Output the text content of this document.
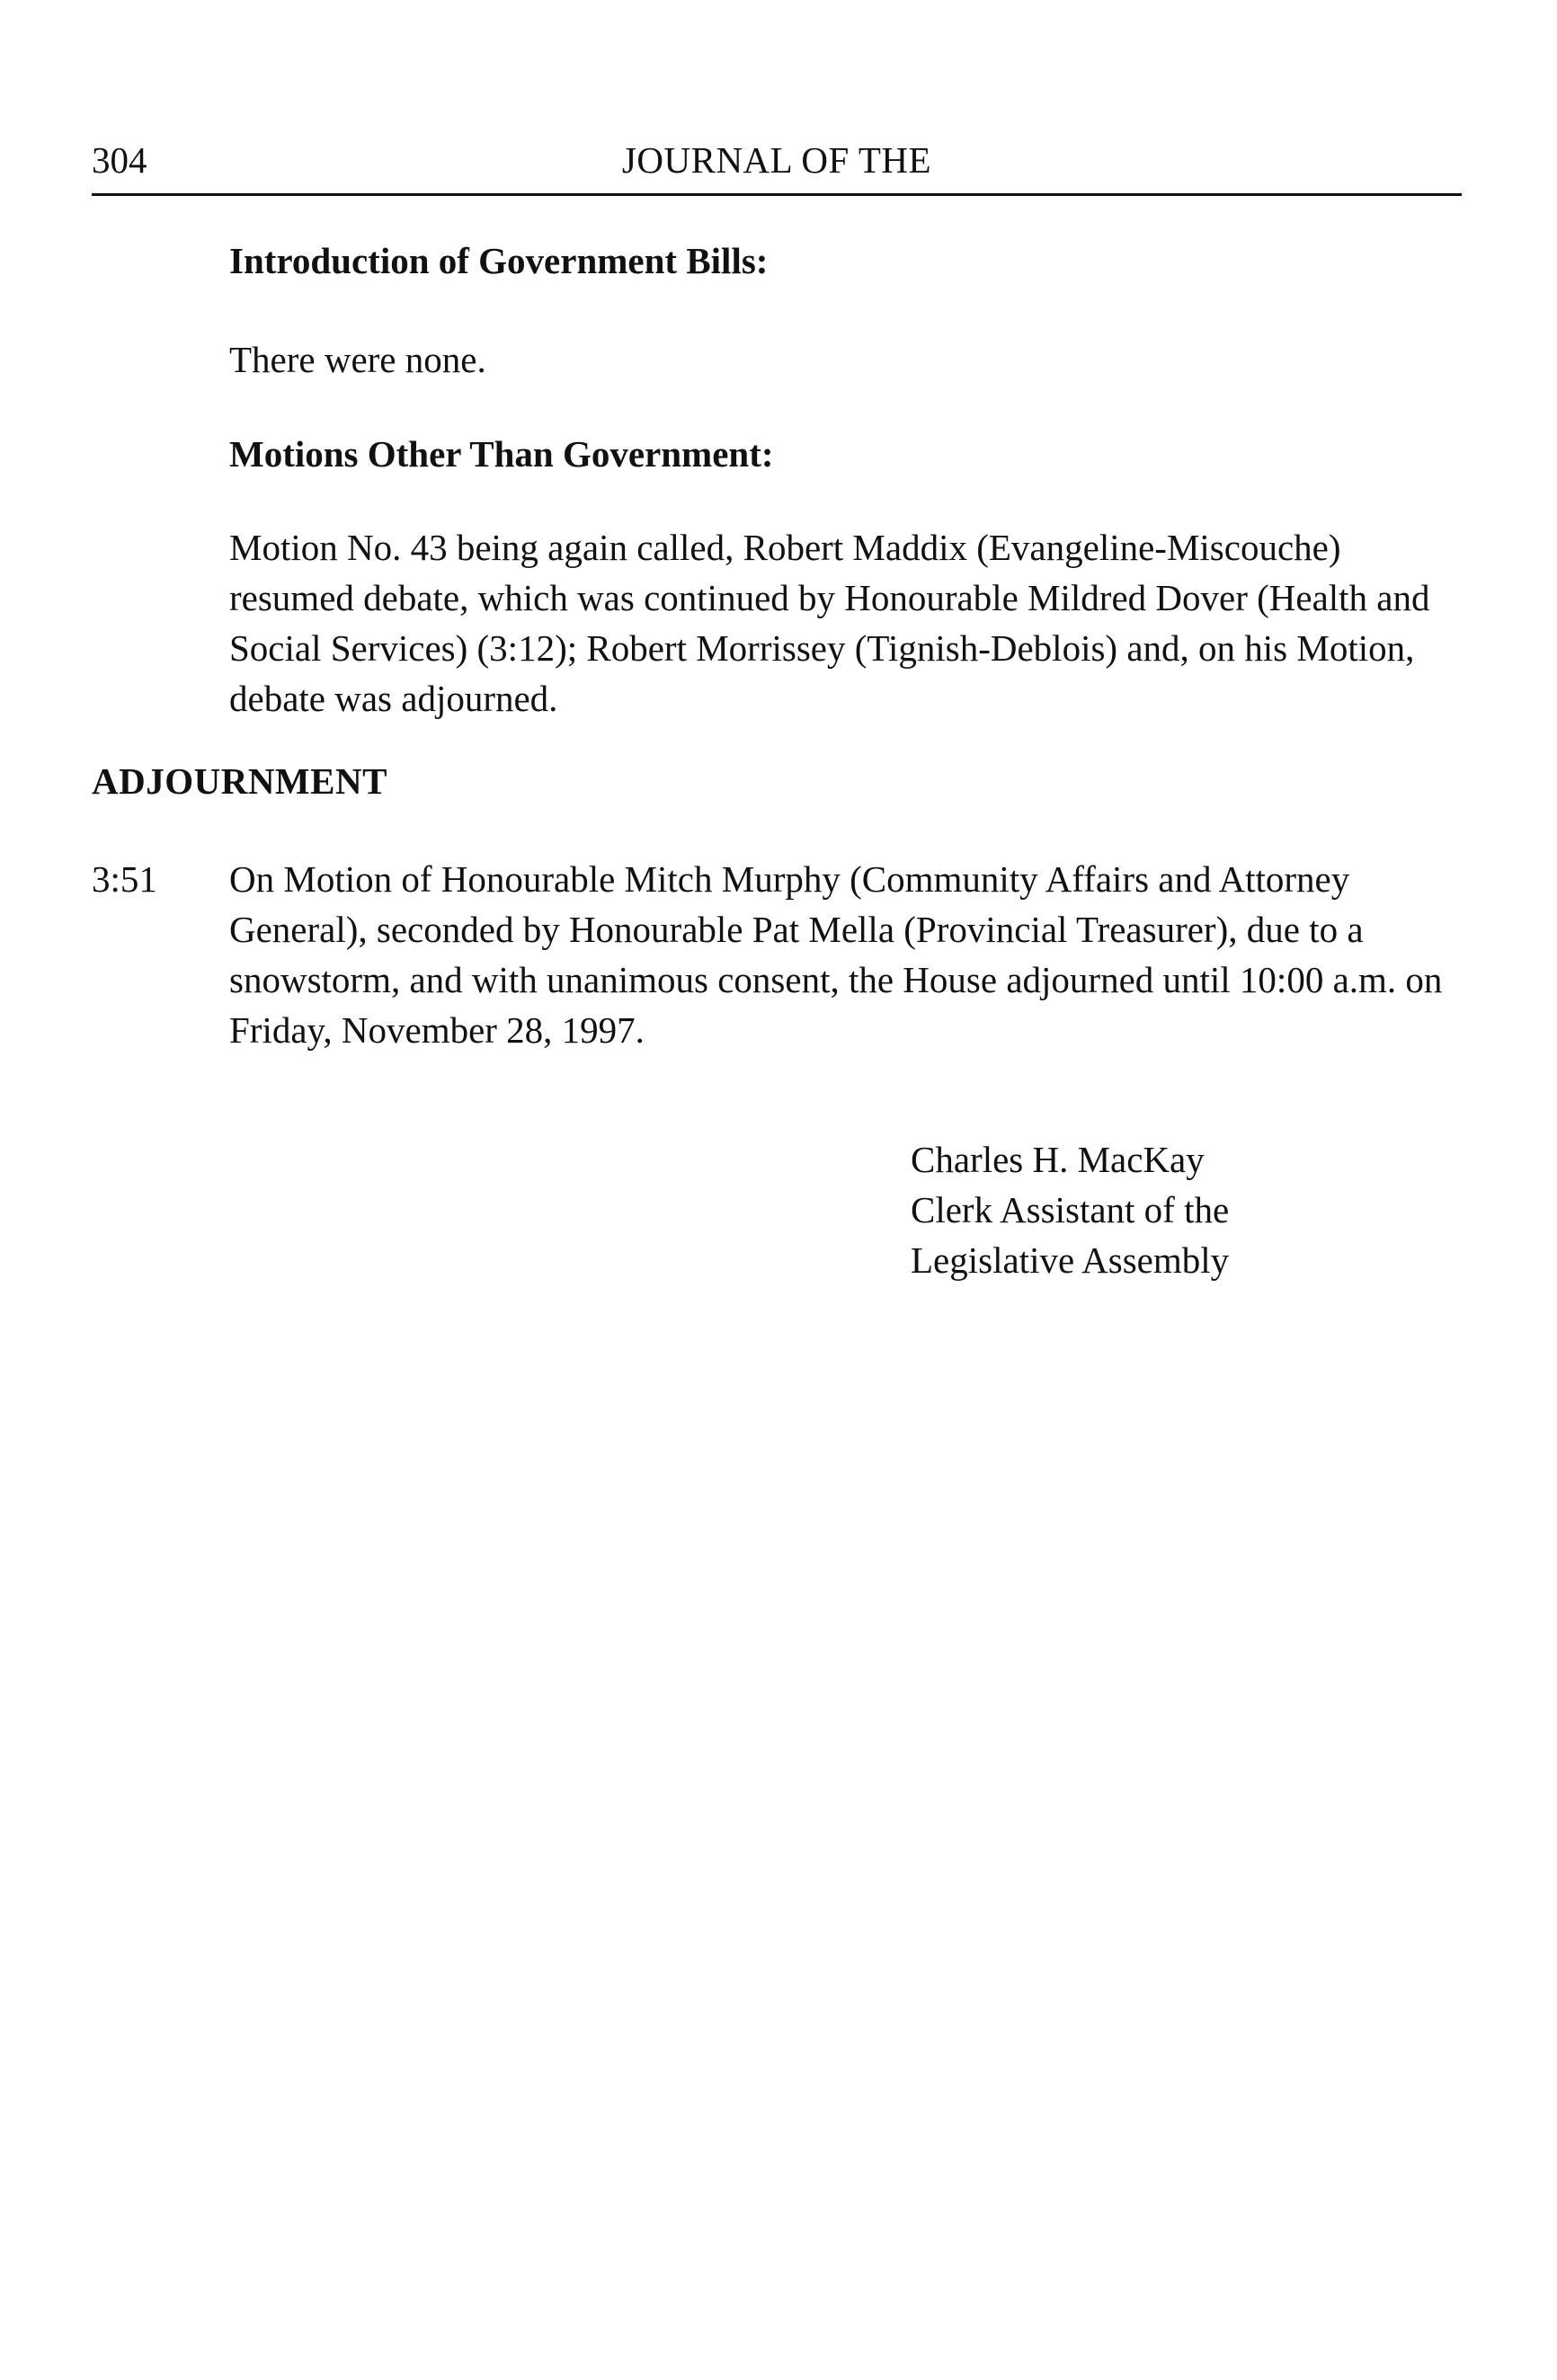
304	JOURNAL OF THE
Introduction of Government Bills:
There were none.
Motions Other Than Government:
Motion No. 43 being again called, Robert Maddix (Evangeline-Miscouche) resumed debate, which was continued by Honourable Mildred Dover (Health and Social Services) (3:12); Robert Morrissey (Tignish-Deblois) and, on his Motion, debate was adjourned.
ADJOURNMENT
3:51 On Motion of Honourable Mitch Murphy (Community Affairs and Attorney General), seconded by Honourable Pat Mella (Provincial Treasurer), due to a snowstorm, and with unanimous consent, the House adjourned until 10:00 a.m. on Friday, November 28, 1997.
Charles H. MacKay
Clerk Assistant of the
Legislative Assembly
